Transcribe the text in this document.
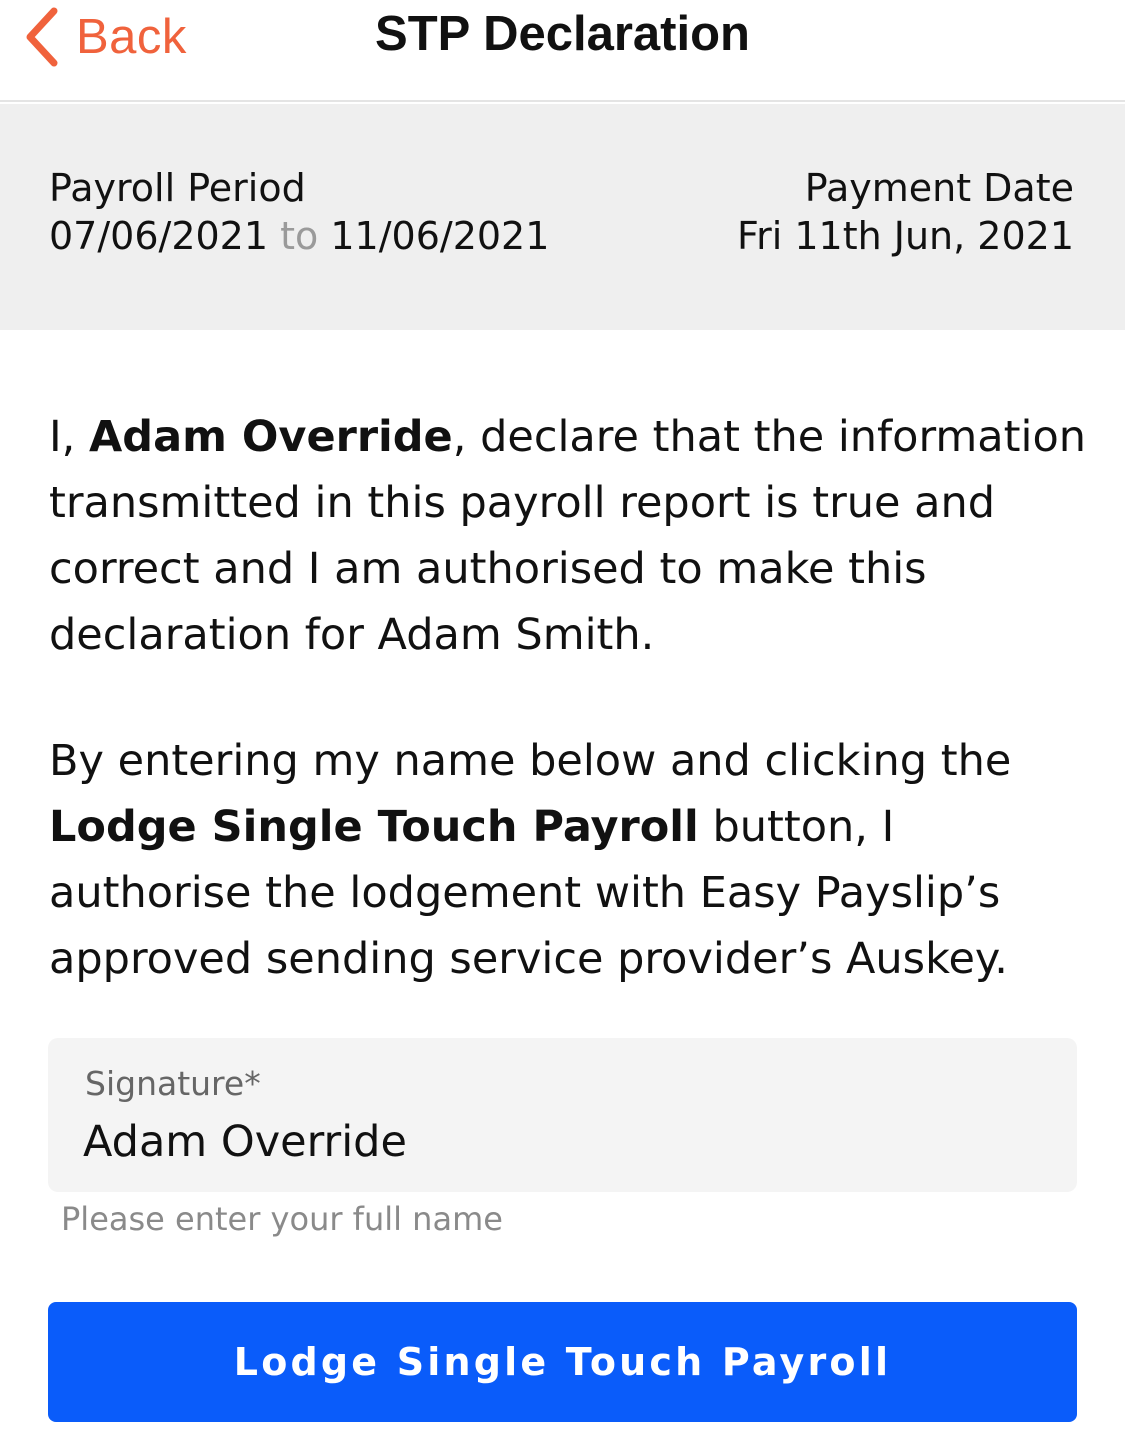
Back	STP Declaration
Payroll Period
07/06/2021 to 11/06/2021
Payment Date
Fri 11th Jun, 2021

I, Adam Override, declare that the information transmitted in this payroll report is true and correct and I am authorised to make this declaration for Adam Smith.

By entering my name below and clicking the Lodge Single Touch Payroll button, I authorise the lodgement with Easy Payslip’s approved sending service provider’s Auskey.

Signature*
Adam Override
Please enter your full name
Lodge Single Touch Payroll
